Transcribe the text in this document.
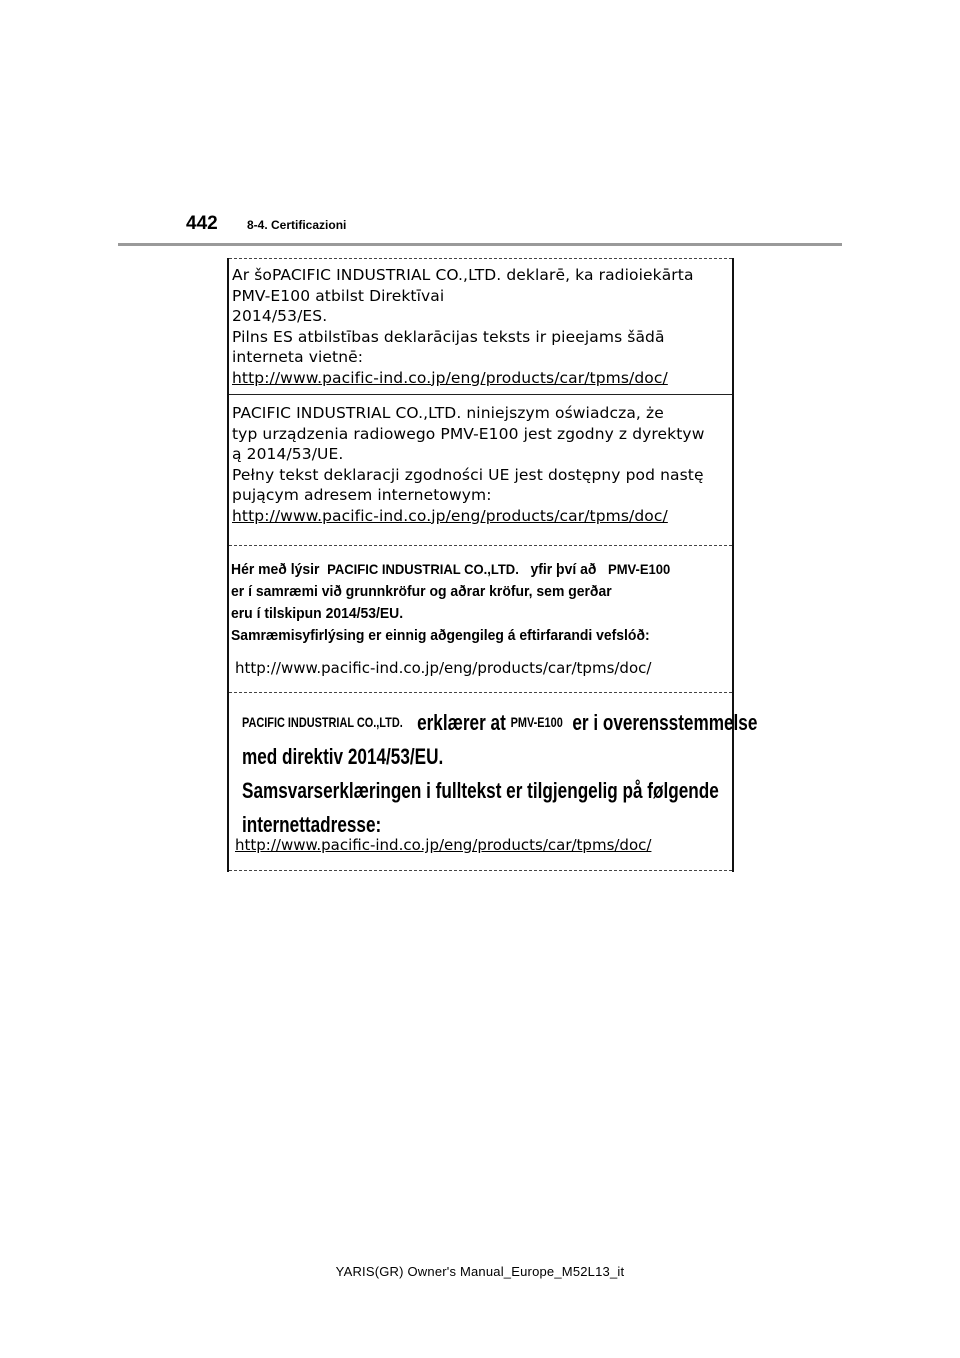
442 8-4. Certificazioni

Ar šoPACIFIC INDUSTRIAL CO.,LTD. deklarē, ka radioiekārta

PMV-E100 atbilst Direktīvai

2014/53/ES.

Pilns ES atbilstības deklarācijas teksts ir pieejams šādā

interneta vietnē:

http://www.pacific-ind.co.jp/eng/products/car/tpms/doc/

PACIFIC INDUSTRIAL CO.,LTD. niniejszym oświadcza, że

typ urządzenia radiowego PMV-E100 jest zgodny z dyrektyw

ą 2014/53/UE.

Pełny tekst deklaracji zgodności UE jest dostępny pod nastę

pującym adresem internetowym:

http://www.pacific-ind.co.jp/eng/products/car/tpms/doc/

Hér með lýsir PACIFIC INDUSTRIAL CO.,LTD. yfir því að PMV-E100

er í samræmi við grunnkröfur og aðrar kröfur, sem gerðar

eru í tilskipun 2014/53/EU.

Samræmisyfirlýsing er einnig aðgengileg á eftirfarandi vefslóð:

http://www.pacific-ind.co.jp/eng/products/car/tpms/doc/

PACIFIC INDUSTRIAL CO.,LTD. erklærer at PMV-E100 er i overensstemmelse

med direktiv 2014/53/EU.

Samsvarserklæringen i fulltekst er tilgjengelig på følgende

internettadresse:

http://www.pacific-ind.co.jp/eng/products/car/tpms/doc/
YARIS(GR) Owner's Manual_Europe_M52L13_it
